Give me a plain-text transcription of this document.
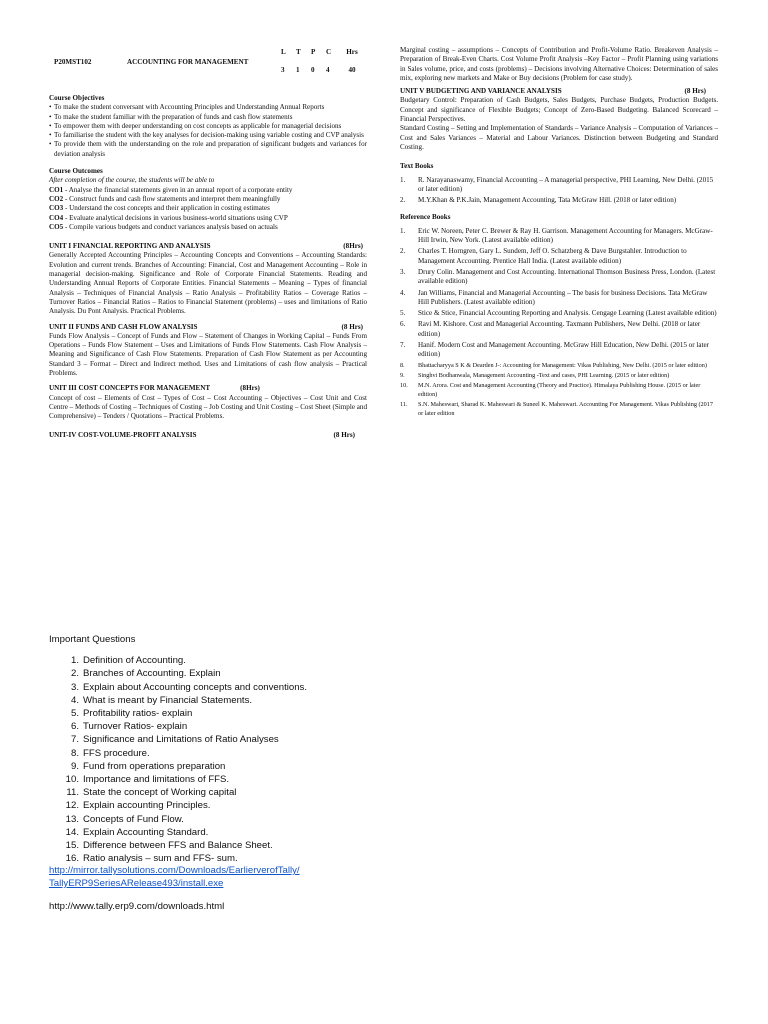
P20MST102	ACCOUNTING FOR MANAGEMENT
L T P C Hrs
3 1 0 4	40
Course Objectives
• To make the student conversant with Accounting Principles and Understanding Annual Reports
• To make the student familiar with the preparation of funds and cash flow statements
• To empower them with deeper understanding on cost concepts as applicable for managerial decisions
• To familiarise the student with the key analyses for decision-making using variable costing and CVP analysis
• To provide them with the understanding on the role and preparation of significant budgets and variances for deviation analysis
Course Outcomes
After completion of the course, the students will be able to
CO1 - Analyse the financial statements given in an annual report of a corporate entity
CO2 - Construct funds and cash flow statements and interpret them meaningfully
CO3 - Understand the cost concepts and their application in costing estimates
CO4 - Evaluate analytical decisions in various business-world situations using CVP
CO5 - Compile various budgets and conduct variances analysis based on actuals
UNIT I FINANCIAL REPORTING AND ANALYSIS	(8Hrs)
Generally Accepted Accounting Principles – Accounting Concepts and Conventions – Accounting Standards: Evolution and current trends. Branches of Accounting: Financial, Cost and Management Accounting – Role in managerial decision-making. Significance and Role of Corporate Financial Statements. Reading and Understanding Annual Reports of Corporate Entities. Financial Statements – Meaning – Types of financial Analysis – Techniques of Financial Analysis – Ratio Analysis – Profitability Ratios – Coverage Ratios – Turnover Ratios – Financial Ratios – Ratios to Financial Statement (problems) – uses and limitations of Ratio Analysis. Du Pont Analysis. Practical Problems.
UNIT II FUNDS AND CASH FLOW ANALYSIS	(8 Hrs)
Funds Flow Analysis – Concept of Funds and Flow – Statement of Changes in Working Capital – Funds From Operations – Funds Flow Statement – Uses and Limitations of Funds Flow Statements. Cash Flow Analysis – Meaning and Significance of Cash Flow Statements. Preparation of Cash Flow Statement as per Accounting Standard 3 – Format – Direct and Indirect method. Uses and Limitations of cash flow analysis – Practical Problems.
UNIT III COST CONCEPTS FOR MANAGEMENT	(8Hrs)
Concept of cost – Elements of Cost – Types of Cost – Cost Accounting – Objectives – Cost Unit and Cost Centre – Methods of Costing – Techniques of Costing – Job Costing and Unit Costing – Cost Sheet (Simple and Comprehensive) – Tenders / Quotations – Practical Problems.
UNIT-IV COST-VOLUME-PROFIT ANALYSIS	(8 Hrs)
Marginal costing – assumptions – Concepts of Contribution and Profit-Volume Ratio. Breakeven Analysis – Preparation of Break-Even Charts. Cost Volume Profit Analysis –Key Factor – Profit Planning using variations in Sales volume, price, and costs (problems) – Decisions involving Alternative Choices: Determination of sales mix, exploring new markets and Make or Buy decisions (Problem for case study).
UNIT V BUDGETING AND VARIANCE ANALYSIS	(8 Hrs)
Budgetary Control: Preparation of Cash Budgets, Sales Budgets, Purchase Budgets, Production Budgets. Concept and significance of Flexible Budgets; Concept of Zero-Based Budgeting. Balanced Scorecard – Financial Perspectives.
Standard Costing – Setting and Implementation of Standards – Variance Analysis – Computation of Variances – Cost and Sales Variances – Material and Labour Variances. Distinction between Budgeting and Standard Costing.
Text Books
1. R. Narayanaswamy, Financial Accounting – A managerial perspective, PHI Learning, New Delhi. (2015 or later edition)
2. M.Y.Khan & P.K.Jain, Management Accounting, Tata McGraw Hill. (2018 or later edition)
Reference Books
1. Eric W. Noreen, Peter C. Brewer & Ray H. Garrison. Management Accounting for Managers. McGraw-Hill Irwin, New York. (Latest available edition)
2. Charles T. Horngren, Gary L. Sundem, Jeff O. Schatzberg & Dave Burgstahler. Introduction to Management Accounting. Prentice Hall India. (Latest available edition)
3. Drury Colin. Management and Cost Accounting. International Thomson Business Press, London. (Latest available edition)
4. Jan Williams, Financial and Managerial Accounting – The basis for business Decisions. Tata McGraw Hill Publishers. (Latest available edition)
5. Stice & Stice, Financial Accounting Reporting and Analysis. Cengage Learning (Latest available edition)
6. Ravi M. Kishore. Cost and Managerial Accounting. Taxmann Publishers, New Delhi. (2018 or later edition)
7. Hanif. Modern Cost and Management Accounting. McGraw Hill Education, New Delhi. (2015 or later edition)
8. Bhattacharyya S K & Dearden J-: Accounting for Management: Vikas Publishing, New Delhi. (2015 or later edition)
9. Singhvi Bodhanwala, Management Accounting -Text and cases, PHI Learning. (2015 or later edition)
10. M.N. Arora. Cost and Management Accounting (Theory and Practice). Himalaya Publishing House. (2015 or later edition)
11. S.N. Maheswari, Sharad K. Maheswari & Suneel K. Maheswari. Accounting For Management. Vikas Publishing (2017 or later edition
Important Questions
1. Definition of Accounting.
2. Branches of Accounting. Explain
3. Explain about Accounting concepts and conventions.
4. What is meant by Financial Statements.
5. Profitability ratios- explain
6. Turnover Ratios- explain
7. Significance and Limitations of Ratio Analyses
8. FFS procedure.
9. Fund from operations preparation
10. Importance and limitations of FFS.
11. State the concept of Working capital
12. Explain accounting Principles.
13. Concepts of Fund Flow.
14. Explain Accounting Standard.
15. Difference between FFS and Balance Sheet.
16. Ratio analysis – sum and FFS- sum.
http://mirror.tallysolutions.com/Downloads/EarlierverofTally/
TallyERP9SeriesARelease493/install.exe
http://www.tally.erp9.com/downloads.html
